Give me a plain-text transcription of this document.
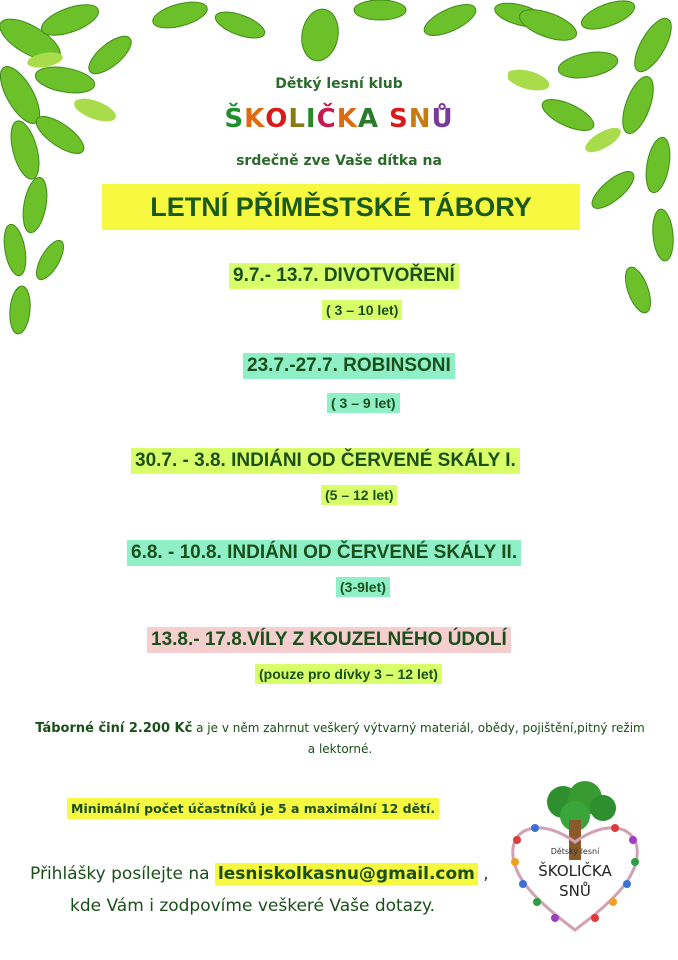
Dětký lesní klub
ŠKOLIČKA SNŮ
srdečně zve Vaše dítka na
LETNÍ PŘÍMĚSTSKÉ TÁBORY
9.7.- 13.7. DIVOTVOŘENÍ
( 3 – 10 let)
23.7.-27.7. ROBINSONI
( 3 – 9 let)
30.7. - 3.8. INDIÁNI OD ČERVENÉ SKÁLY I.
(5 – 12 let)
6.8. - 10.8. INDIÁNI OD ČERVENÉ SKÁLY II.
(3-9let)
13.8.- 17.8.VÍLY Z KOUZELNÉHO ÚDOLÍ
(pouze pro dívky 3 – 12 let)
Táborné činí 2.200 Kč a je v něm zahrnut veškerý výtvarný materiál, obědy, pojištění,pitný režim a lektorné.
Minimální počet účastníků je 5 a maximální 12 dětí.
Přihlášky posílejte na lesniskolkasnu@gmail.com ,
kde Vám i zodpovíme veškeré Vaše dotazy.
Dětský lesní
ŠKOLIČKA
SNŮ
